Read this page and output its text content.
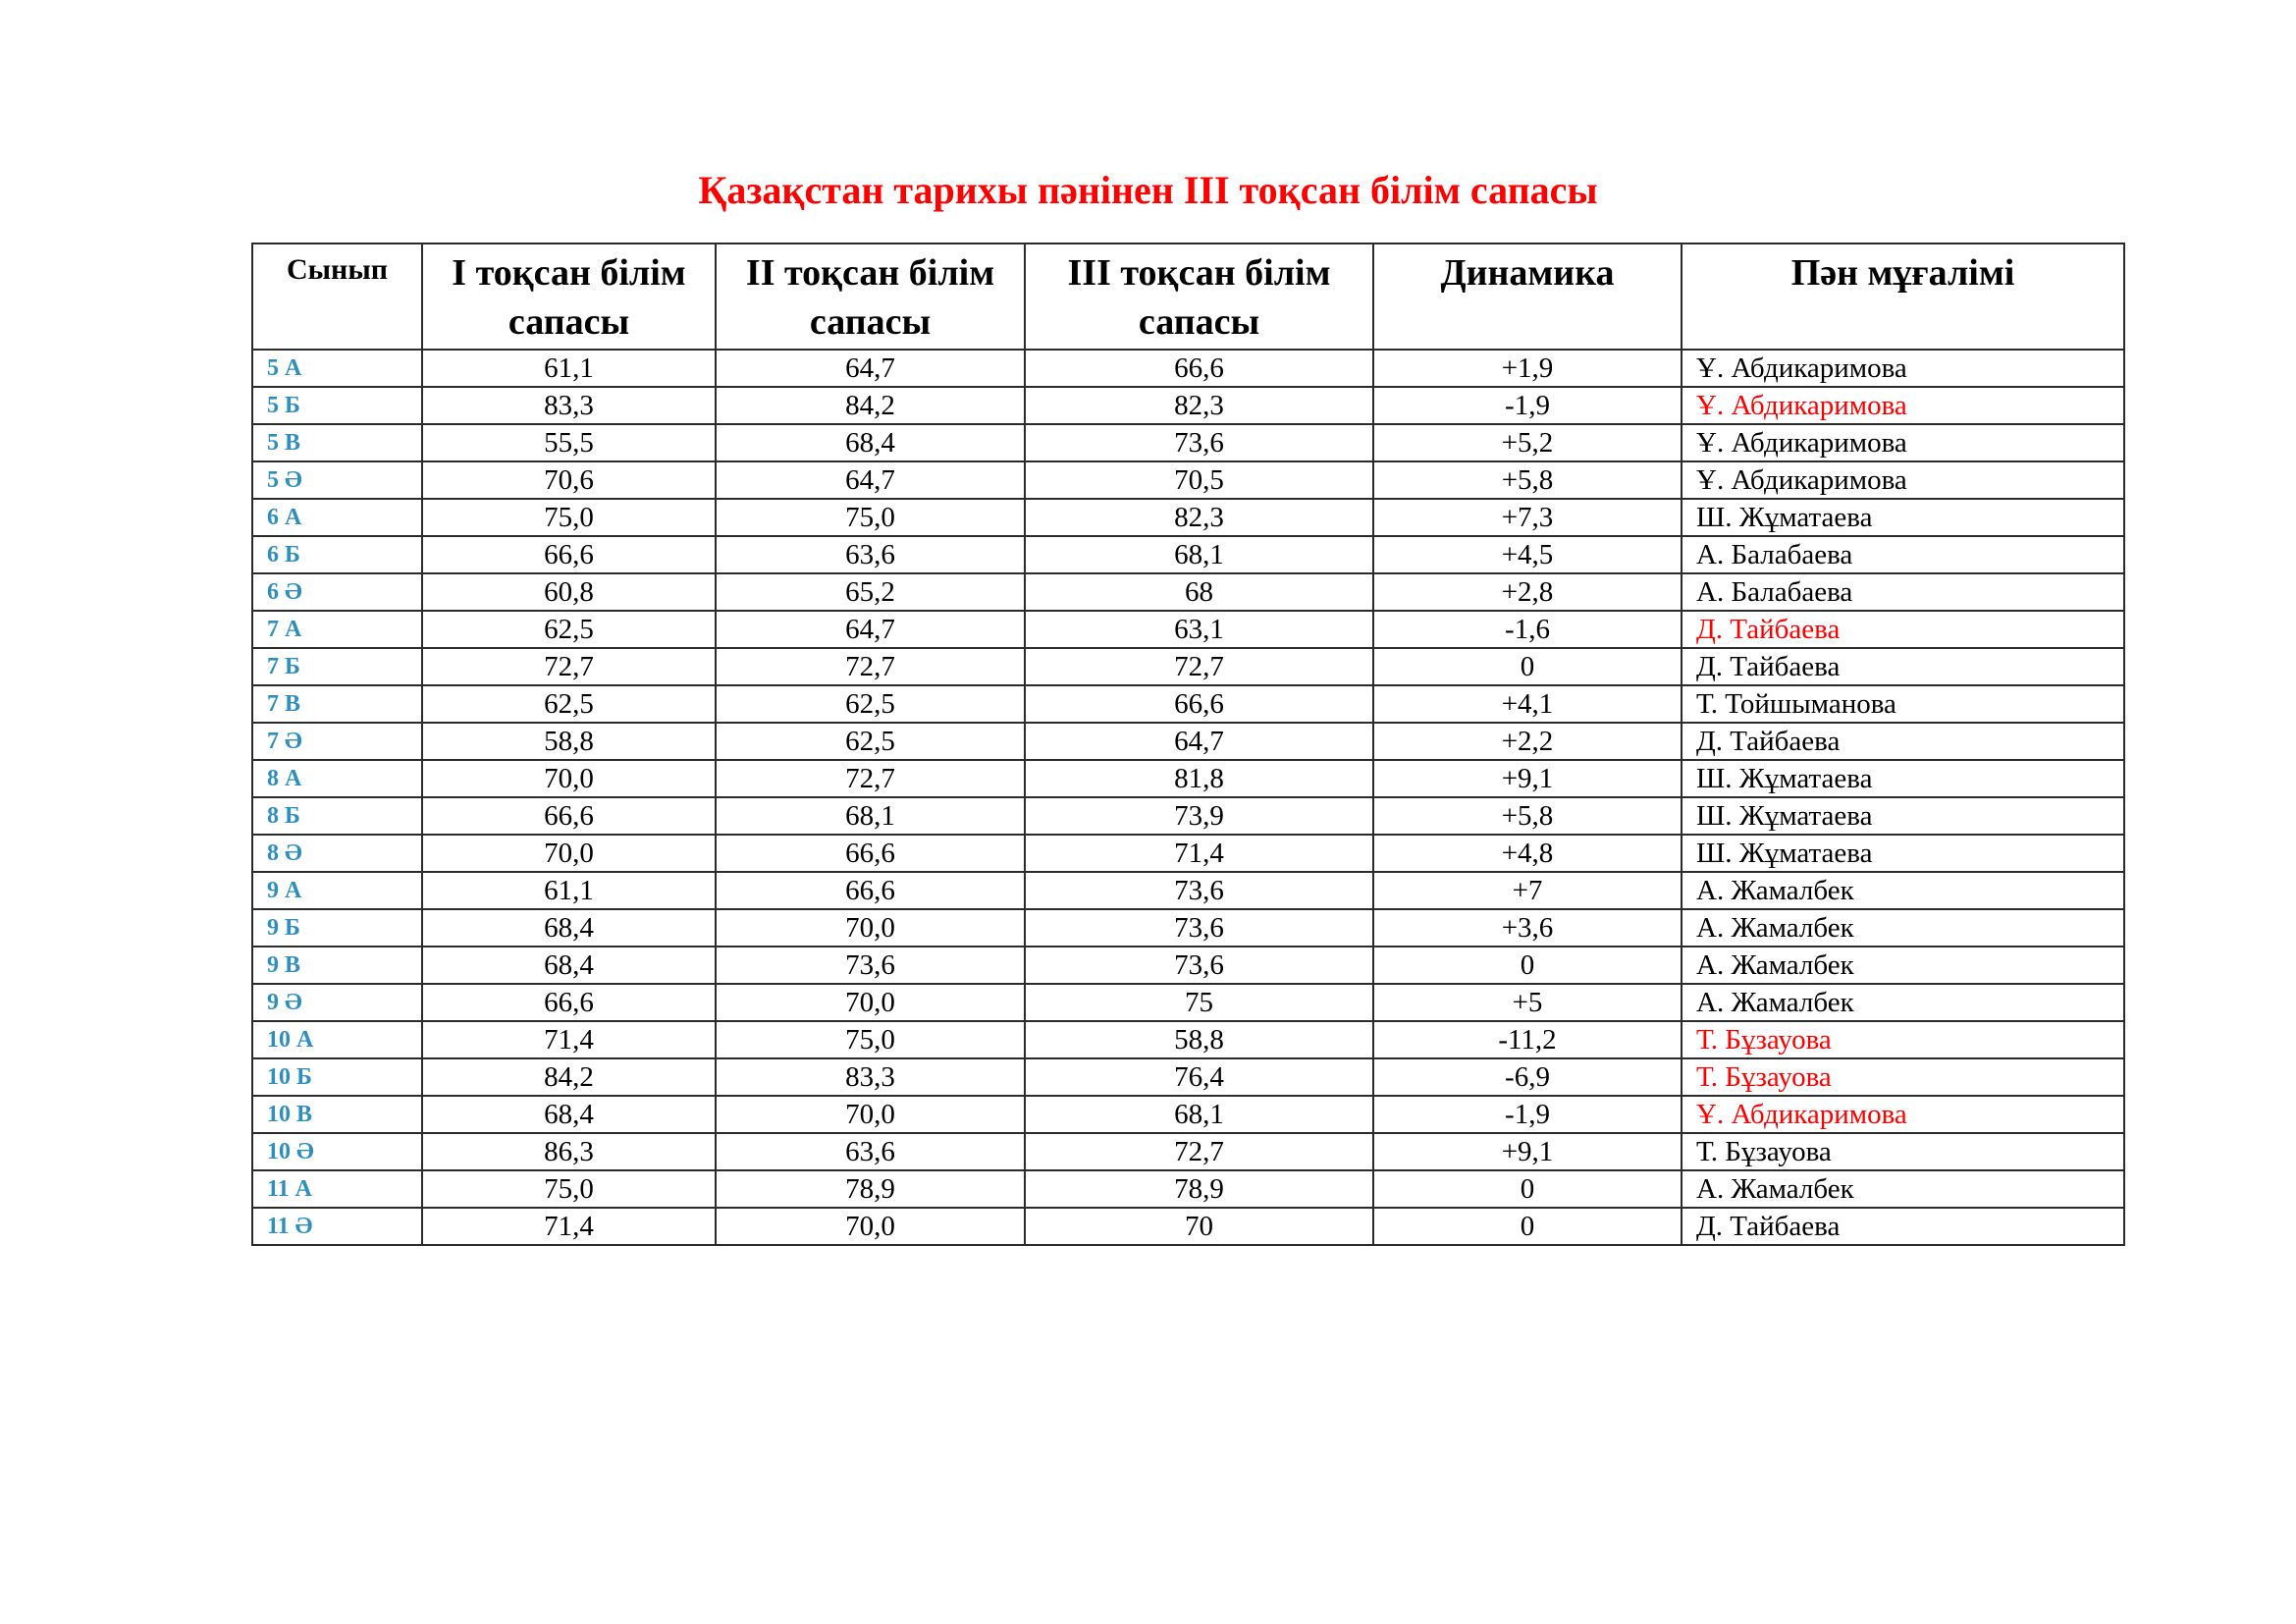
Қазақстан тарихы пәнінен III тоқсан білім сапасы
Сынып	І тоқсан білім сапасы	ІІ тоқсан білім сапасы	ІІІ тоқсан білім сапасы	Динамика	Пән мұғалімі
5 А	61,1	64,7	66,6	+1,9	Ұ. Абдикаримова
5 Б	83,3	84,2	82,3	-1,9	Ұ. Абдикаримова
5 В	55,5	68,4	73,6	+5,2	Ұ. Абдикаримова
5 Ә	70,6	64,7	70,5	+5,8	Ұ. Абдикаримова
6 А	75,0	75,0	82,3	+7,3	Ш. Жұматаева
6 Б	66,6	63,6	68,1	+4,5	А. Балабаева
6 Ә	60,8	65,2	68	+2,8	А. Балабаева
7 А	62,5	64,7	63,1	-1,6	Д. Тайбаева
7 Б	72,7	72,7	72,7	0	Д. Тайбаева
7 В	62,5	62,5	66,6	+4,1	Т. Тойшыманова
7 Ә	58,8	62,5	64,7	+2,2	Д. Тайбаева
8 А	70,0	72,7	81,8	+9,1	Ш. Жұматаева
8 Б	66,6	68,1	73,9	+5,8	Ш. Жұматаева
8 Ә	70,0	66,6	71,4	+4,8	Ш. Жұматаева
9 А	61,1	66,6	73,6	+7	А. Жамалбек
9 Б	68,4	70,0	73,6	+3,6	А. Жамалбек
9 В	68,4	73,6	73,6	0	А. Жамалбек
9 Ә	66,6	70,0	75	+5	А. Жамалбек
10 А	71,4	75,0	58,8	-11,2	Т. Бұзауова
10 Б	84,2	83,3	76,4	-6,9	Т. Бұзауова
10 В	68,4	70,0	68,1	-1,9	Ұ. Абдикаримова
10 Ә	86,3	63,6	72,7	+9,1	Т. Бұзауова
11 А	75,0	78,9	78,9	0	А. Жамалбек
11 Ә	71,4	70,0	70	0	Д. Тайбаева
